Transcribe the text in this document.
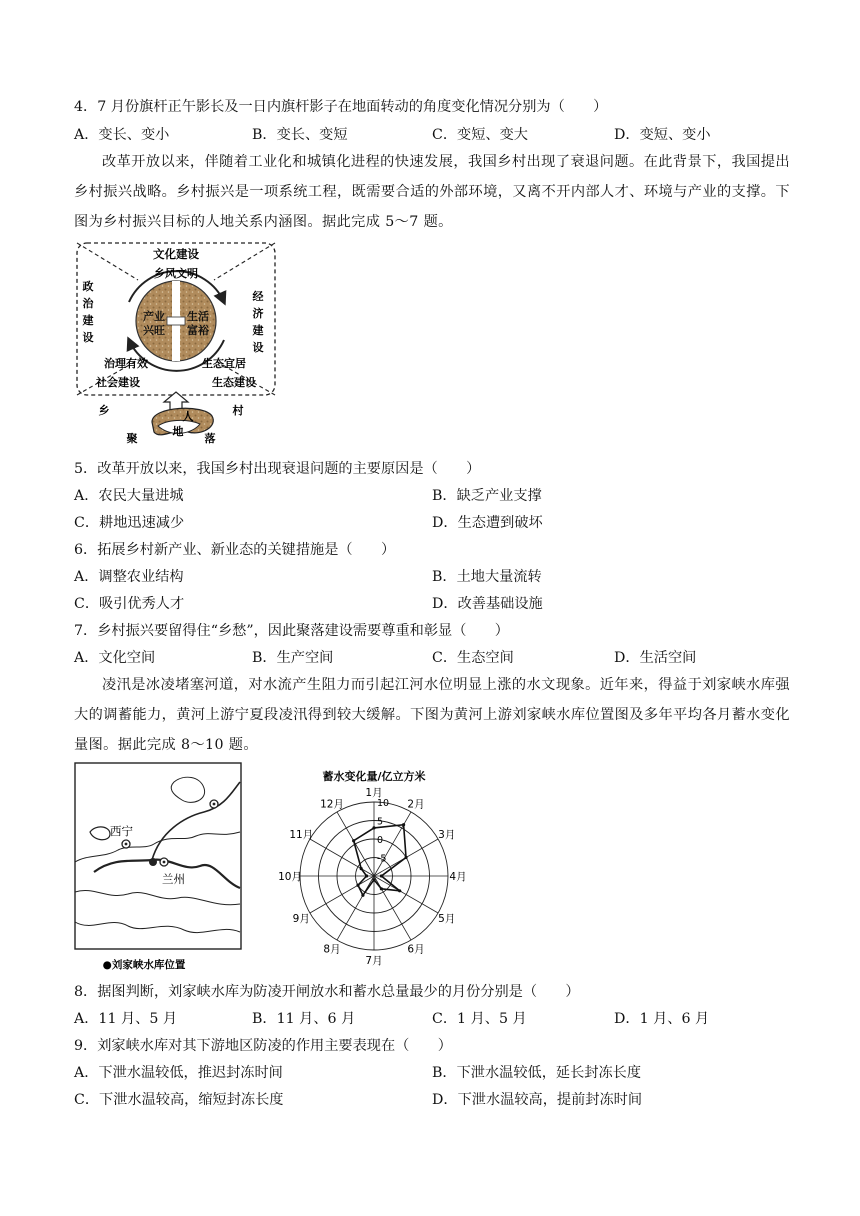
4．7 月份旗杆正午影长及一日内旗杆影子在地面转动的角度变化情况分别为（　　）
A．变长、变小	B．变长、变短	C．变短、变大	D．变短、变小
改革开放以来，伴随着工业化和城镇化进程的快速发展，我国乡村出现了衰退问题。在此背景下，我国提出乡村振兴战略。乡村振兴是一项系统工程，既需要合适的外部环境，又离不开内部人才、环境与产业的支撑。下图为乡村振兴目标的人地关系内涵图。据此完成 5～7 题。
文化建设
乡风文明
政
治
建
设
经
济
建
设
产业
兴旺
生活
富裕
治理有效	生态宜居
社会建设	生态建设
人
地
乡	村
聚	落
5．改革开放以来，我国乡村出现衰退问题的主要原因是（　　）
A．农民大量进城	B．缺乏产业支撑
C．耕地迅速减少	D．生态遭到破坏
6．拓展乡村新产业、新业态的关键措施是（　　）
A．调整农业结构	B．土地大量流转
C．吸引优秀人才	D．改善基础设施
7．乡村振兴要留得住“乡愁”，因此聚落建设需要尊重和彰显（　　）
A．文化空间	B．生产空间	C．生态空间	D．生活空间
凌汛是冰凌堵塞河道，对水流产生阻力而引起江河水位明显上涨的水文现象。近年来，得益于刘家峡水库强大的调蓄能力，黄河上游宁夏段凌汛得到较大缓解。下图为黄河上游刘家峡水库位置图及多年平均各月蓄水变化量图。据此完成 8～10 题。
西宁
兰州
●刘家峡水库位置
蓄水变化量/亿立方米
10
5
0
-5
1月
2月
3月
4月
5月
6月
7月
8月
9月
10月
11月
12月
8．据图判断，刘家峡水库为防凌开闸放水和蓄水总量最少的月份分别是（　　）
A．11 月、5 月	B．11 月、6 月	C．1 月、5 月	D．1 月、6 月
9．刘家峡水库对其下游地区防凌的作用主要表现在（　　）
A．下泄水温较低，推迟封冻时间	B．下泄水温较低，延长封冻长度
C．下泄水温较高，缩短封冻长度	D．下泄水温较高，提前封冻时间
